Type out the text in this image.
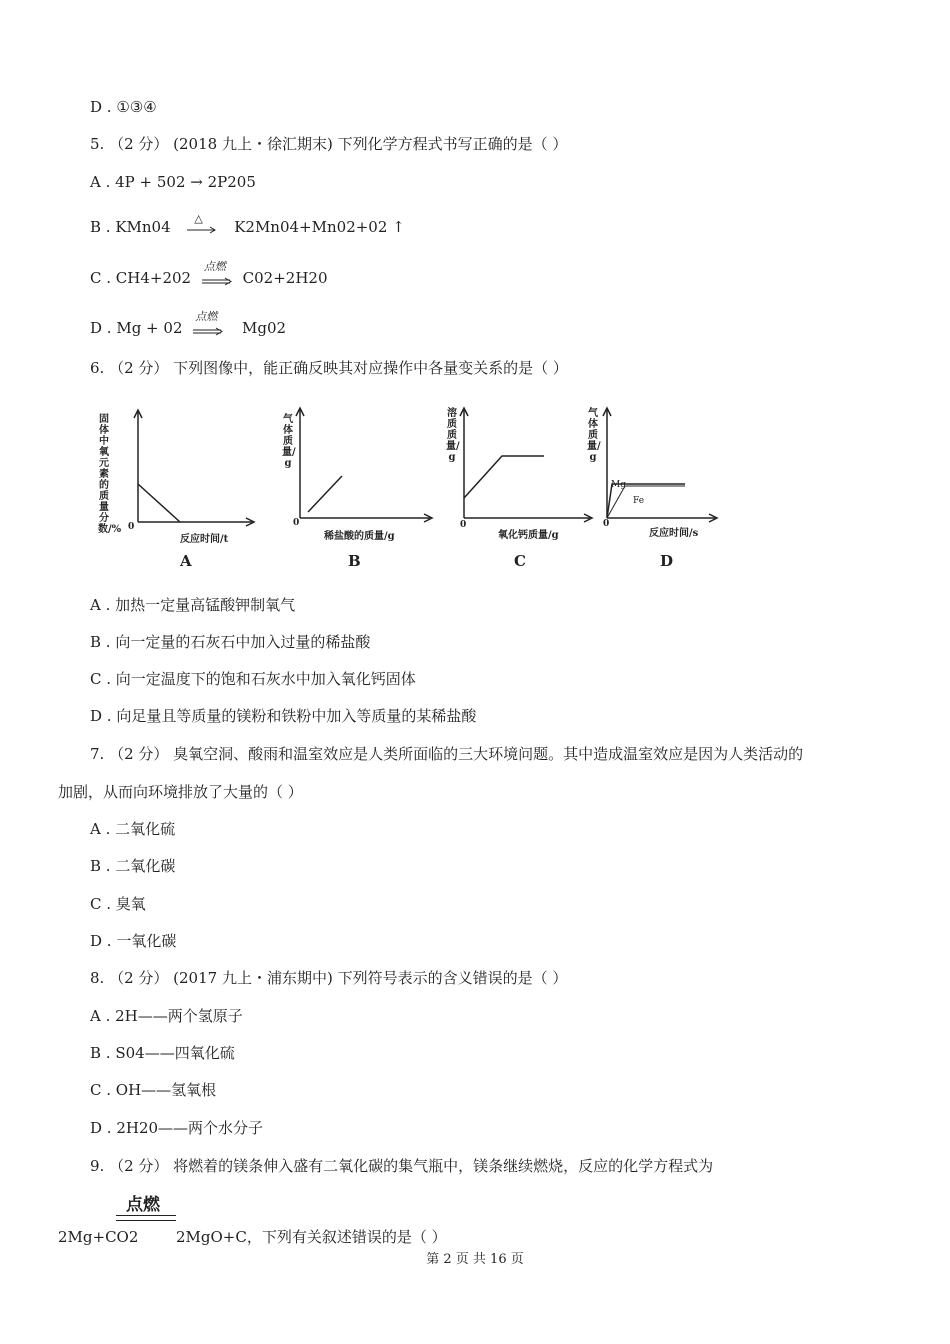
D . ①③④
5. （2 分） (2018 九上・徐汇期末) 下列化学方程式书写正确的是（ ）
A . 4P + 502 → 2P205
B . KMn04 △ K2Mn04+Mn02+02 ↑
C . CH4+202
点燃
C02+2H20
D . Mg + 02
点燃
Mg02
6. （2 分） 下列图像中，能正确反映其对应操作中各量变关系的是（ ）
固体中氧元素的质量分数/% 0
反应时间/t
A
气体质量/g
0
稀盐酸的质量/g
B
溶质质量/g
0
氧化钙质量/g
C
气体质量/g
Mg
Fe
0
反应时间/s
D
A . 加热一定量高锰酸钾制氧气
B . 向一定量的石灰石中加入过量的稀盐酸
C . 向一定温度下的饱和石灰水中加入氧化钙固体
D . 向足量且等质量的镁粉和铁粉中加入等质量的某稀盐酸
7. （2 分） 臭氧空洞、酸雨和温室效应是人类所面临的三大环境问题。其中造成温室效应是因为人类活动的
加剧，从而向环境排放了大量的（ ）
A . 二氧化硫
B . 二氧化碳
C . 臭氧
D . 一氧化碳
8. （2 分） (2017 九上・浦东期中) 下列符号表示的含义错误的是（ ）
A . 2H——两个氢原子
B . S04——四氧化硫
C . OH——氢氧根
D . 2H20——两个水分子
9. （2 分） 将燃着的镁条伸入盛有二氧化碳的集气瓶中，镁条继续燃烧，反应的化学方程式为
点燃
2Mg+CO2	2MgO+C，下列有关叙述错误的是（ ）
第 2 页 共 16 页
